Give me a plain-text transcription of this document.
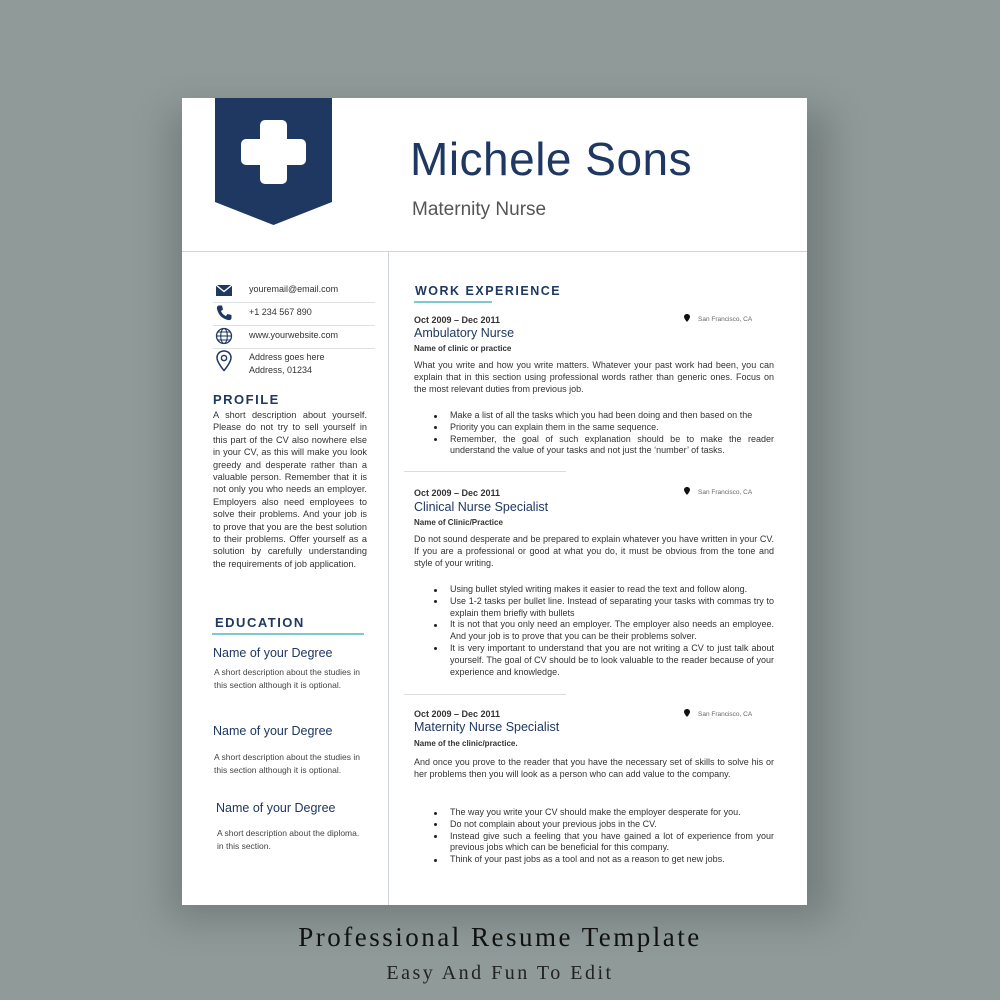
Michele Sons
Maternity Nurse
youremail@email.com
+1 234 567 890
www.yourwebsite.com
Address goes here
Address, 01234
PROFILE

A short description about yourself. Please do not try to sell yourself in this part of the CV also nowhere else in your CV, as this will make you look greedy and desperate rather than a valuable person. Remember that it is not only you who needs an employer. Employers also need employees to solve their problems. And your job is to prove that you are the best solution to their problems. Offer yourself as a solution by carefully understanding the requirements of job application.

EDUCATION
Name of your Degree

A short description about the studies in this section although it is optional.

Name of your Degree

A short description about the studies in this section although it is optional.

Name of your Degree

A short description about the diploma. in this section.

WORK EXPERIENCE
Oct 2009 – Dec 2011	San Francisco, CA
Ambulatory Nurse
Name of clinic or practice

What you write and how you write matters. Whatever your past work had been, you can explain that in this section using professional words rather than generic ones. Focus on the most relevant duties from previous job.

Make a list of all the tasks which you had been doing and then based on the
Priority you can explain them in the same sequence.
Remember, the goal of such explanation should be to make the reader understand the value of your tasks and not just the ‘number’ of tasks.
Oct 2009 – Dec 2011	San Francisco, CA
Clinical Nurse Specialist
Name of Clinic/Practice

Do not sound desperate and be prepared to explain whatever you have written in your CV. If you are a professional or good at what you do, it must be obvious from the tone and style of your writing.

Using bullet styled writing makes it easier to read the text and follow along.
Use 1-2 tasks per bullet line. Instead of separating your tasks with commas try to explain them briefly with bullets
It is not that you only need an employer. The employer also needs an employee. And your job is to prove that you can be their problems solver.
It is very important to understand that you are not writing a CV to just talk about yourself. The goal of CV should be to look valuable to the reader because of your experience and knowledge.
Oct 2009 – Dec 2011	San Francisco, CA
Maternity Nurse Specialist
Name of the clinic/practice.

And once you prove to the reader that you have the necessary set of skills to solve his or her problems then you will look as a person who can add value to the company.

The way you write your CV should make the employer desperate for you.
Do not complain about your previous jobs in the CV.
Instead give such a feeling that you have gained a lot of experience from your previous jobs which can be beneficial for this company.
Think of your past jobs as a tool and not as a reason to get new jobs.
Professional Resume Template
Easy And Fun To Edit
